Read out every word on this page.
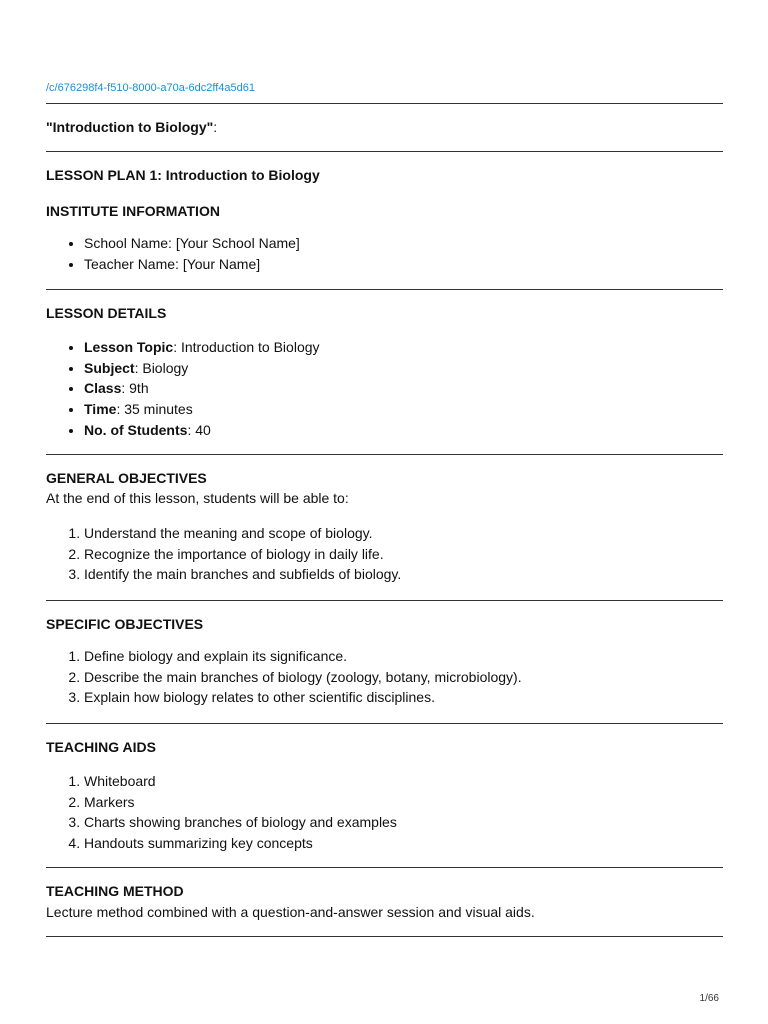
/c/676298f4-f510-8000-a70a-6dc2ff4a5d61
"Introduction to Biology":
LESSON PLAN 1: Introduction to Biology
INSTITUTE INFORMATION
• School Name: [Your School Name]
• Teacher Name: [Your Name]
LESSON DETAILS
• Lesson Topic: Introduction to Biology
• Subject: Biology
• Class: 9th
• Time: 35 minutes
• No. of Students: 40
GENERAL OBJECTIVES
At the end of this lesson, students will be able to:
1. Understand the meaning and scope of biology.
2. Recognize the importance of biology in daily life.
3. Identify the main branches and subfields of biology.
SPECIFIC OBJECTIVES
1. Define biology and explain its significance.
2. Describe the main branches of biology (zoology, botany, microbiology).
3. Explain how biology relates to other scientific disciplines.
TEACHING AIDS
1. Whiteboard
2. Markers
3. Charts showing branches of biology and examples
4. Handouts summarizing key concepts
TEACHING METHOD
Lecture method combined with a question-and-answer session and visual aids.
1/66
